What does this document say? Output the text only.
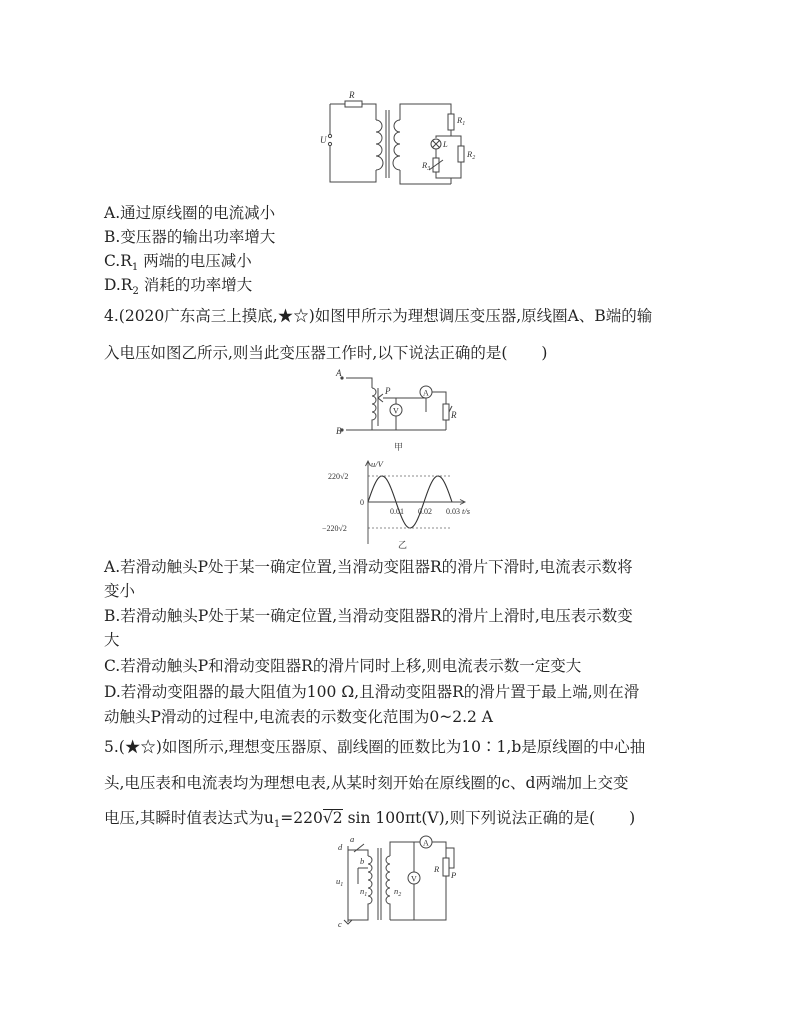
U
R
$R_1$
$R_2$
$R_3$
L
A.通过原线圈的电流减小
B.变压器的输出功率增大
$C.R_1$ 两端的电压减小
$D.R_2$ 消耗的功率增大
4.(2020广东高三上摸底,★☆)如图甲所示为理想调压变压器,原线圈A、B端的输
入电压如图乙所示,则当此变压器工作时,以下说法正确的是( )
V
A
A
B
P
R
甲
u/V
220√2
0
−220√2
0.01 0.02 0.03 t/s
乙
A.若滑动触头P处于某一确定位置,当滑动变阻器R的滑片下滑时,电流表示数将
变小
B.若滑动触头P处于某一确定位置,当滑动变阻器R的滑片上滑时,电压表示数变
大
C.若滑动触头P和滑动变阻器R的滑片同时上移,则电流表示数一定变大
D.若滑动变阻器的最大阻值为100 Ω,且滑动变阻器R的滑片置于最上端,则在滑
动触头P滑动的过程中,电流表的示数变化范围为0~2.2 A
5.(★☆)如图所示,理想变压器原、副线圈的匝数比为10∶1,b是原线圈的中心抽
头,电压表和电流表均为理想电表,从某时刻开始在原线圈的c、d两端加上交变
电压,其瞬时值表达式为$u_1=220√2$ sin 100πt(V),则下列说法正确的是( )
A
V
a
d
b
c
$u_1$
$n_1$	$n_2$
R
P
